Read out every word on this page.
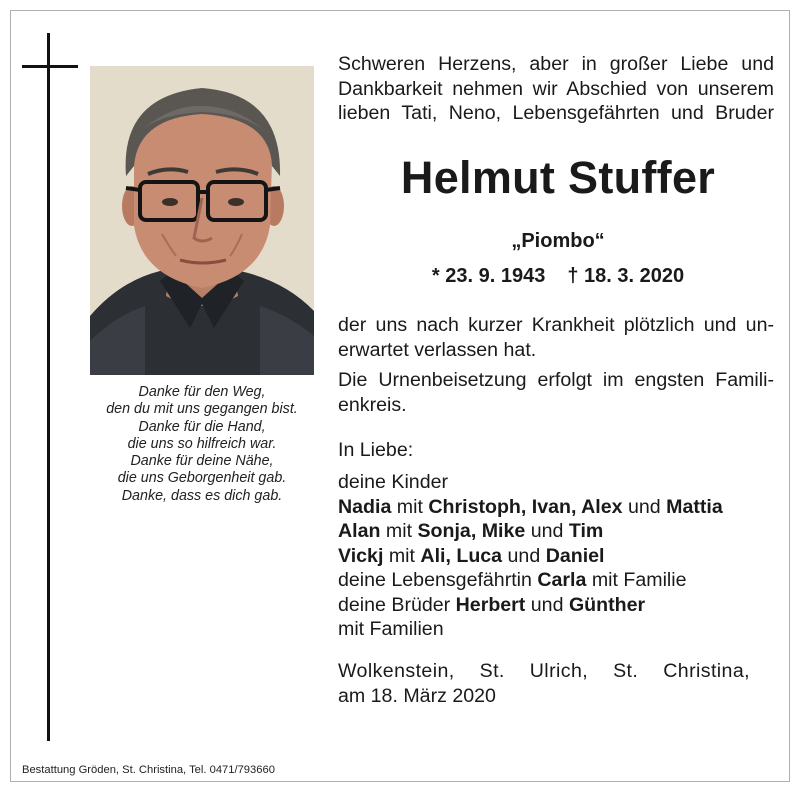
Danke für den Weg,
den du mit uns gegangen bist.
Danke für die Hand,
die uns so hilfreich war.
Danke für deine Nähe,
die uns Geborgenheit gab.
Danke, dass es dich gab.

Schweren Herzens, aber in großer Liebe und
Dankbarkeit nehmen wir Abschied von unserem
lieben Tati, Neno, Lebensgefährten und Bruder

Helmut Stuffer
„Piombo“
* 23. 9. 1943 † 18. 3. 2020
der uns nach kurzer Krankheit plötzlich und un-
erwartet verlassen hat.
Die Urnenbeisetzung erfolgt im engsten Famili-
enkreis.
In Liebe:
deine Kinder
Nadia mit Christoph, Ivan, Alex und Mattia
Alan mit Sonja, Mike und Tim
Vickj mit Ali, Luca und Daniel
deine Lebensgefährtin Carla mit Familie
deine Brüder Herbert und Günther
mit Familien
Wolkenstein, St. Ulrich, St. Christina,
am 18. März 2020
Bestattung Gröden, St. Christina, Tel. 0471/793660
